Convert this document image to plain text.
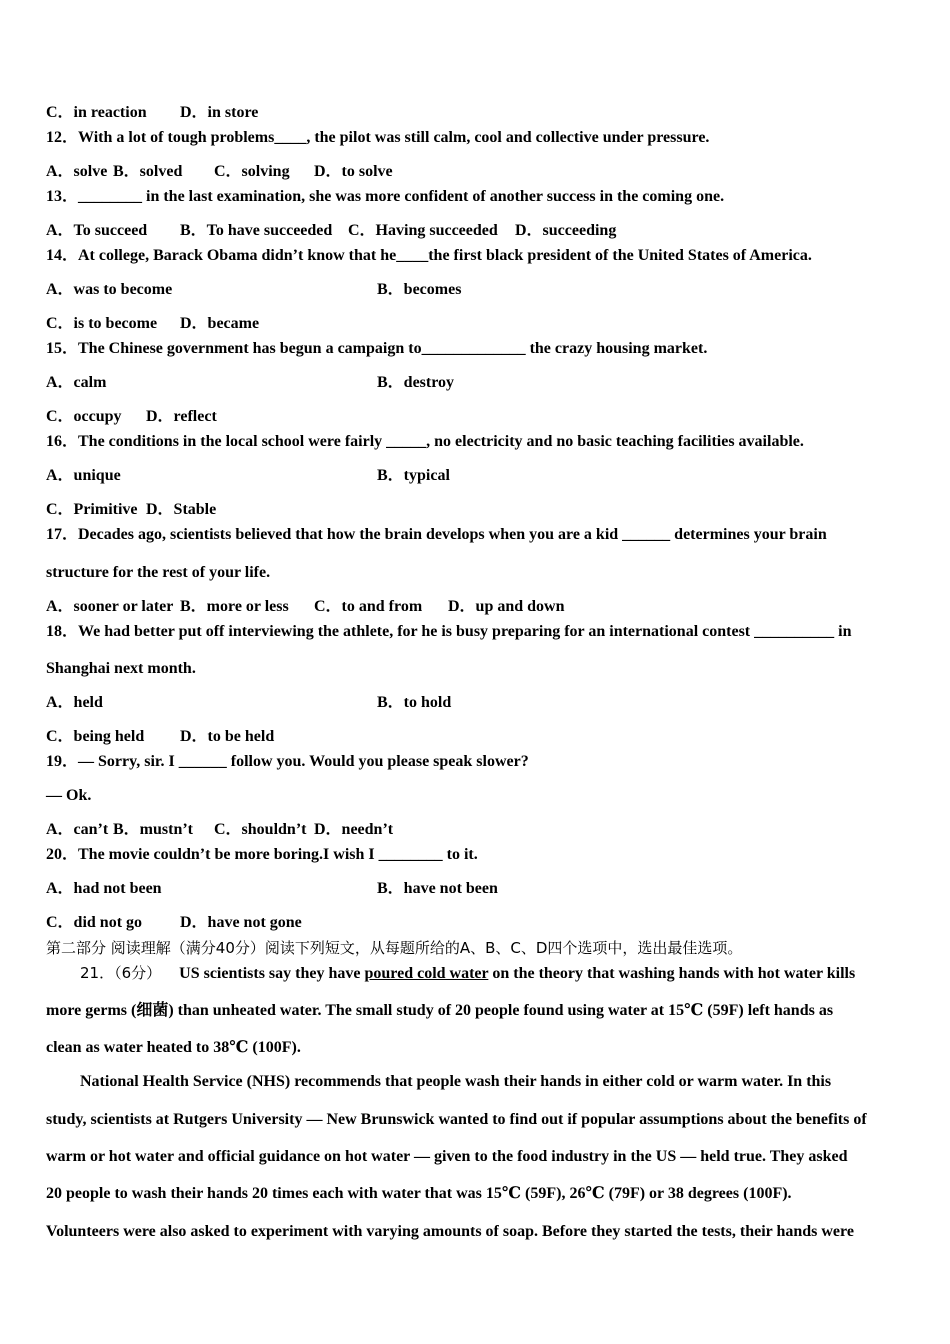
C．in reaction D．in store
12．With a lot of tough problems____, the pilot was still calm, cool and collective under pressure.
A．solve B．solved C．solving D．to solve
13．________ in the last examination, she was more confident of another success in the coming one.
A．To succeed B．To have succeeded C．Having succeeded D．succeeding
14．At college, Barack Obama didn’t know that he____the first black president of the United States of America.
A．was to become	B．becomes
C．is to become D．became
15．The Chinese government has begun a campaign to_____________ the crazy housing market.
A．calm	B．destroy
C．occupy D．reflect
16．The conditions in the local school were fairly _____, no electricity and no basic teaching facilities available.
A．unique	B．typical
C．Primitive D．Stable
17．Decades ago, scientists believed that how the brain develops when you are a kid ______ determines your brain
structure for the rest of your life.
A．sooner or later B．more or less C．to and from D．up and down
18．We had better put off interviewing the athlete, for he is busy preparing for an international contest __________ in
Shanghai next month.
A．held	B．to hold
C．being held D．to be held
19．— Sorry, sir. I ______ follow you. Would you please speak slower?
— Ok.
A．can’t B．mustn’t C．shouldn’t D．needn’t
20．The movie couldn’t be more boring.I wish I ________ to it.
A．had not been	B．have not been
C．did not go D．have not gone
第二部分 阅读理解（满分40分）阅读下列短文，从每题所给的A、B、C、D四个选项中，选出最佳选项。
21．（6分） US scientists say they have poured cold water on the theory that washing hands with hot water kills
more germs (细菌) than unheated water. The small study of 20 people found using water at 15℃ (59F) left hands as
clean as water heated to 38℃ (100F).
National Health Service (NHS) recommends that people wash their hands in either cold or warm water. In this
study, scientists at Rutgers University — New Brunswick wanted to find out if popular assumptions about the benefits of
warm or hot water and official guidance on hot water — given to the food industry in the US — held true. They asked
20 people to wash their hands 20 times each with water that was 15℃ (59F), 26℃ (79F) or 38 degrees (100F).
Volunteers were also asked to experiment with varying amounts of soap. Before they started the tests, their hands were
